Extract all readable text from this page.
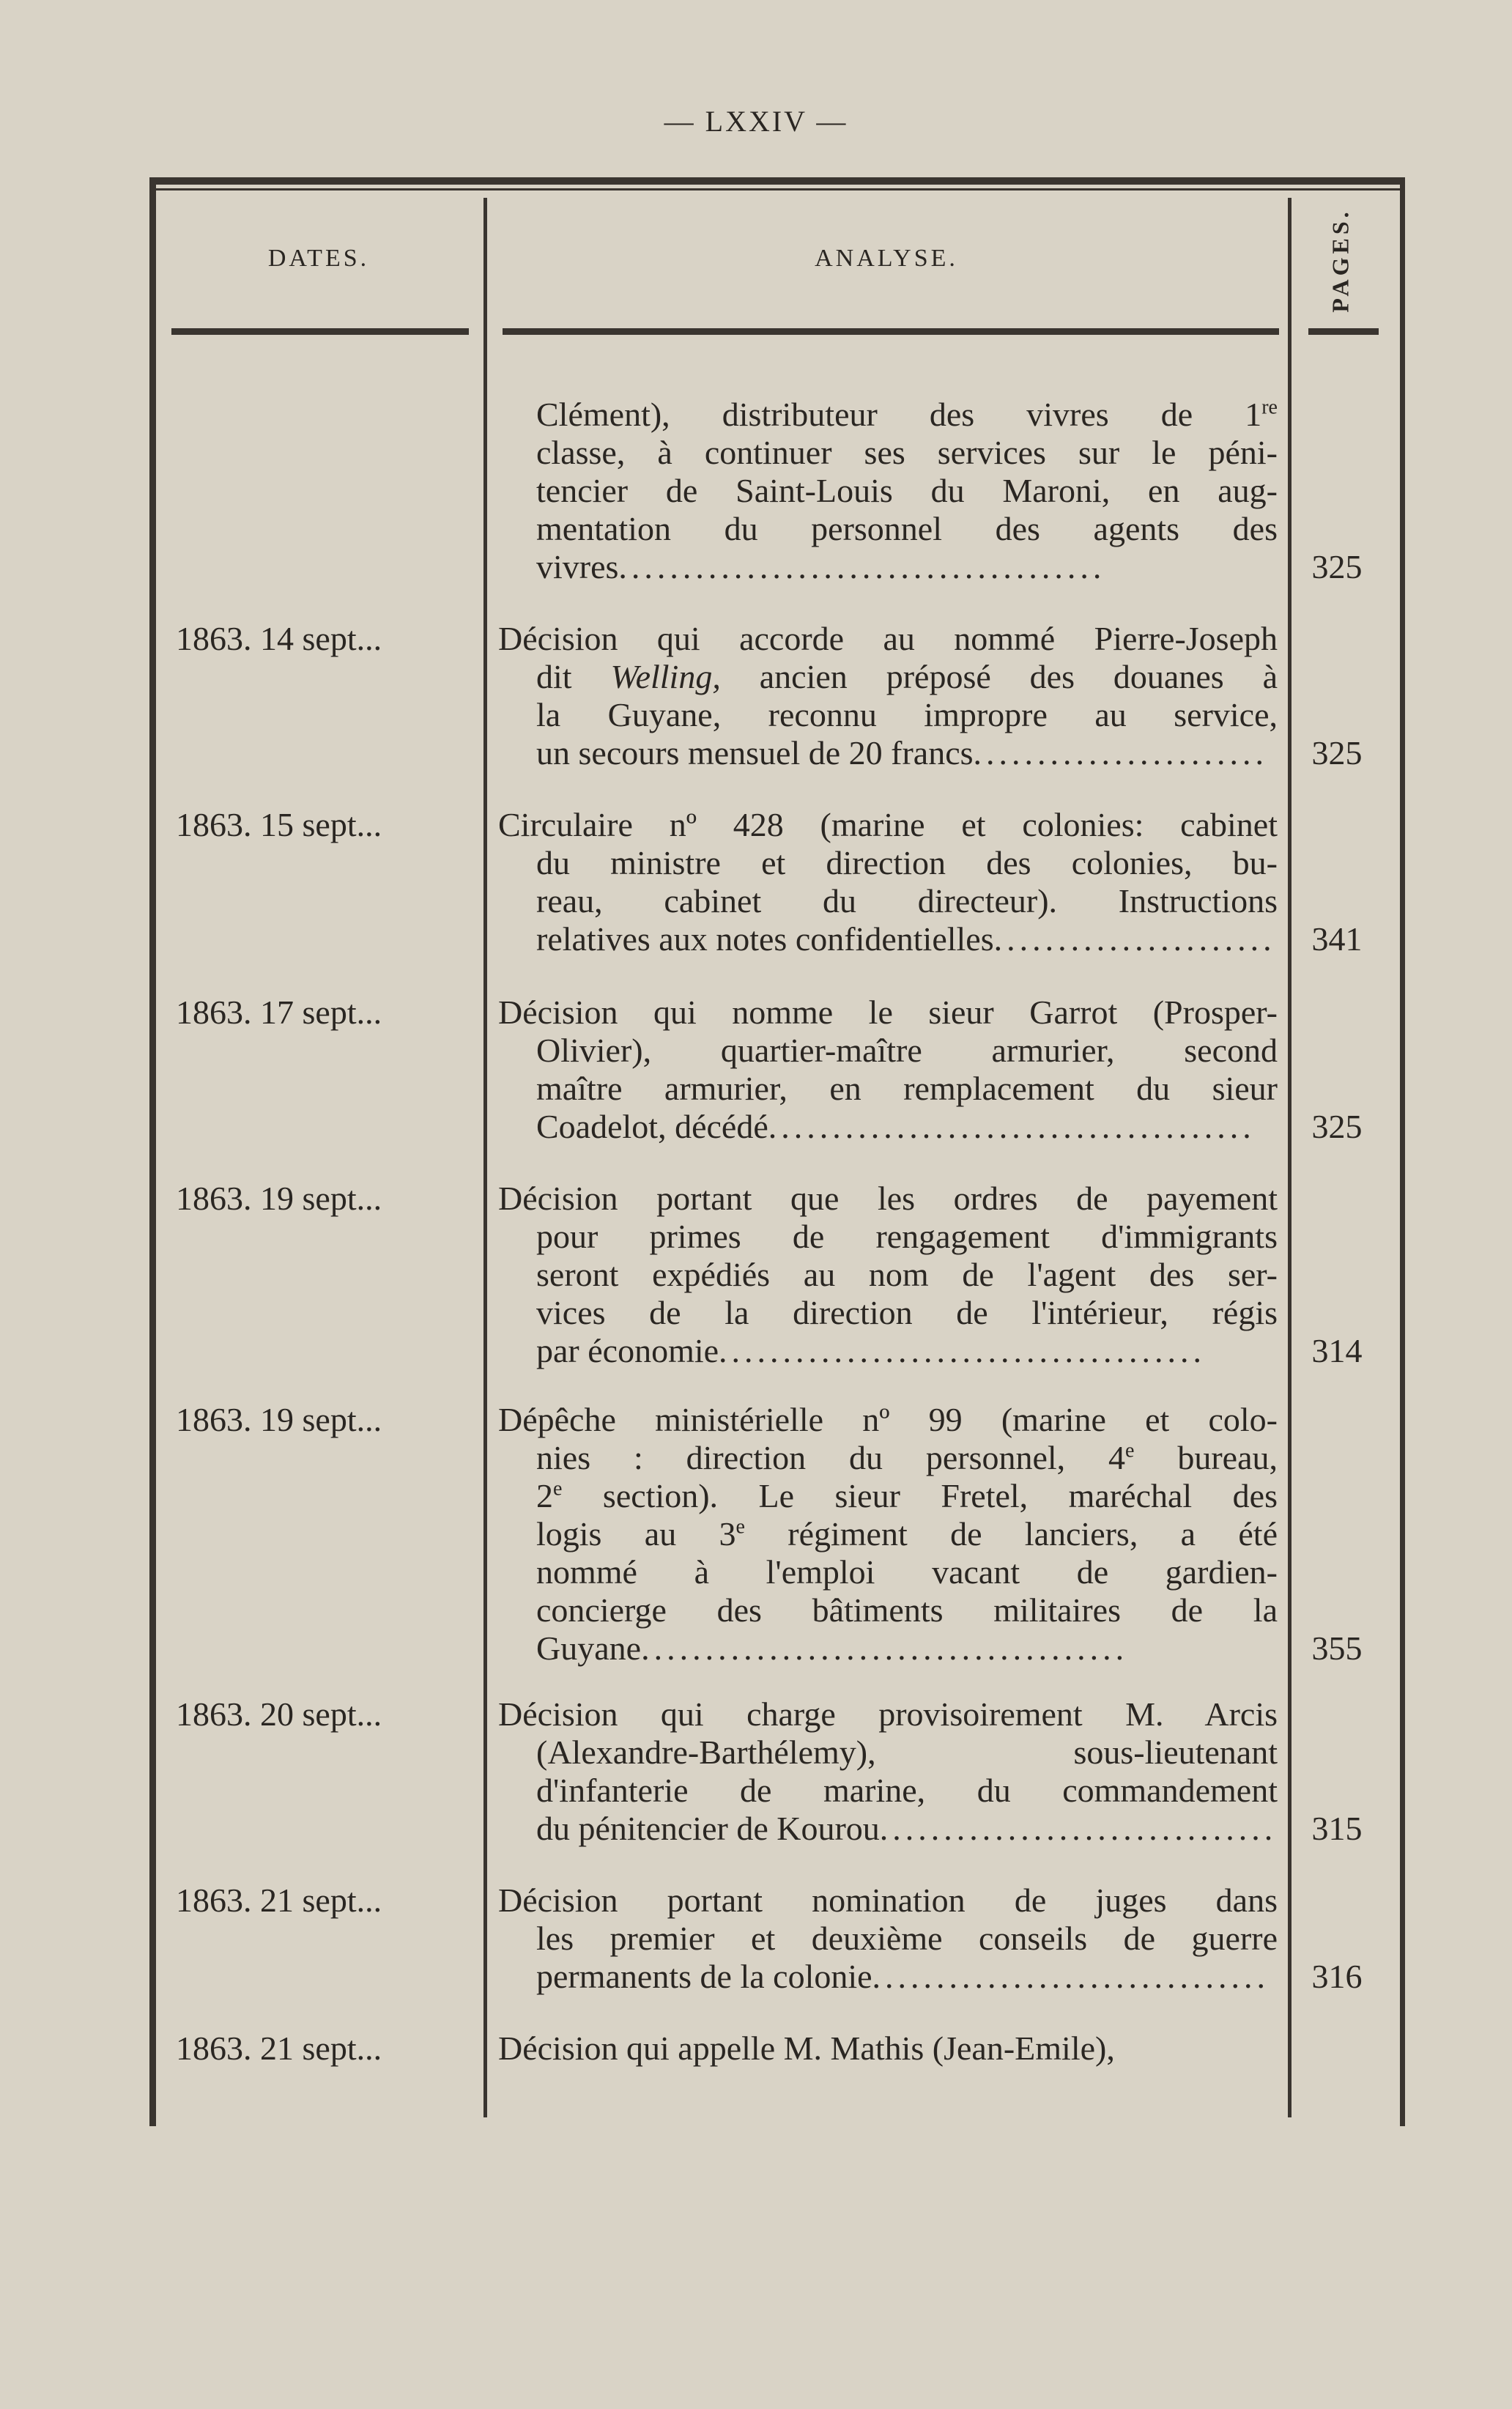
— LXXIV —
DATES.	ANALYSE.	PAGES.
Clément), distributeur des vivres de 1re
classe, à continuer ses services sur le péni-
tencier de Saint-Louis du Maroni, en aug-
mentation du personnel des agents des
vivres......................................	325
1863. 14 sept...	Décision qui accorde au nommé Pierre-Joseph
dit Welling, ancien préposé des douanes à
la Guyane, reconnu impropre au service,
un secours mensuel de 20 francs.......................	325
1863. 15 sept...	Circulaire nº 428 (marine et colonies: cabinet
du ministre et direction des colonies, bu-
reau, cabinet du directeur). Instructions
relatives aux notes confidentielles......................	341
1863. 17 sept...	Décision qui nomme le sieur Garrot (Prosper-
Olivier), quartier-maître armurier, second
maître armurier, en remplacement du sieur
Coadelot, décédé......................................	325
1863. 19 sept...	Décision portant que les ordres de payement
pour primes de rengagement d'immigrants
seront expédiés au nom de l'agent des ser-
vices de la direction de l'intérieur, régis
par économie......................................	314
1863. 19 sept...	Dépêche ministérielle nº 99 (marine et colo-
nies : direction du personnel, 4e bureau,
2e section). Le sieur Fretel, maréchal des
logis au 3e régiment de lanciers, a été
nommé à l'emploi vacant de gardien-
concierge des bâtiments militaires de la
Guyane......................................	355
1863. 20 sept...	Décision qui charge provisoirement M. Arcis
(Alexandre-Barthélemy), sous-lieutenant
d'infanterie de marine, du commandement
du pénitencier de Kourou...............................	315
1863. 21 sept...	Décision portant nomination de juges dans
les premier et deuxième conseils de guerre
permanents de la colonie...............................	316
1863. 21 sept...	Décision qui appelle M. Mathis (Jean-Emile),
